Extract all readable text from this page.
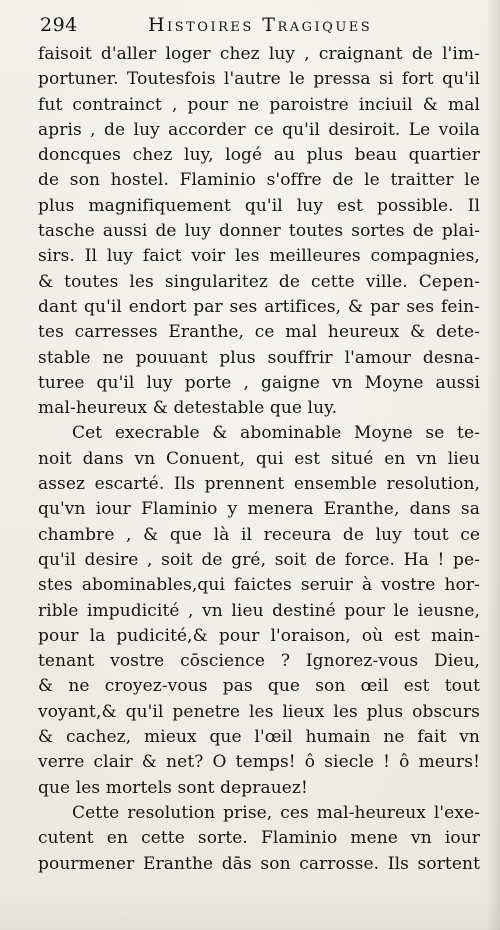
294	Histoires Tragiques
faisoit d'aller loger chez luy , craignant de l'im-
portuner. Toutesfois l'autre le pressa si fort qu'il
fut contrainct , pour ne paroistre inciuil & mal
apris , de luy accorder ce qu'il desiroit. Le voila
doncques chez luy, logé au plus beau quartier
de son hostel. Flaminio s'offre de le traitter le
plus magnifiquement qu'il luy est possible. Il
tasche aussi de luy donner toutes sortes de plai-
sirs. Il luy faict voir les meilleures compagnies,
& toutes les singularitez de cette ville. Cepen-
dant qu'il endort par ses artifices, & par ses fein-
tes carresses Eranthe, ce mal heureux & dete-
stable ne pouuant plus souffrir l'amour desna-
turee qu'il luy porte , gaigne vn Moyne aussi
mal-heureux & detestable que luy.
Cet execrable & abominable Moyne se te-
noit dans vn Conuent, qui est situé en vn lieu
assez escarté. Ils prennent ensemble resolution,
qu'vn iour Flaminio y menera Eranthe, dans sa
chambre , & que là il receura de luy tout ce
qu'il desire , soit de gré, soit de force. Ha ! pe-
stes abominables,qui faictes seruir à vostre hor-
rible impudicité , vn lieu destiné pour le ieusne,
pour la pudicité,& pour l'oraison, où est main-
tenant vostre cōscience ? Ignorez-vous Dieu,
& ne croyez-vous pas que son œil est tout
voyant,& qu'il penetre les lieux les plus obscurs
& cachez, mieux que l'œil humain ne fait vn
verre clair & net? O temps! ô siecle ! ô meurs!
que les mortels sont deprauez!
Cette resolution prise, ces mal-heureux l'exe-
cutent en cette sorte. Flaminio mene vn iour
pourmener Eranthe dās son carrosse. Ils sortent
